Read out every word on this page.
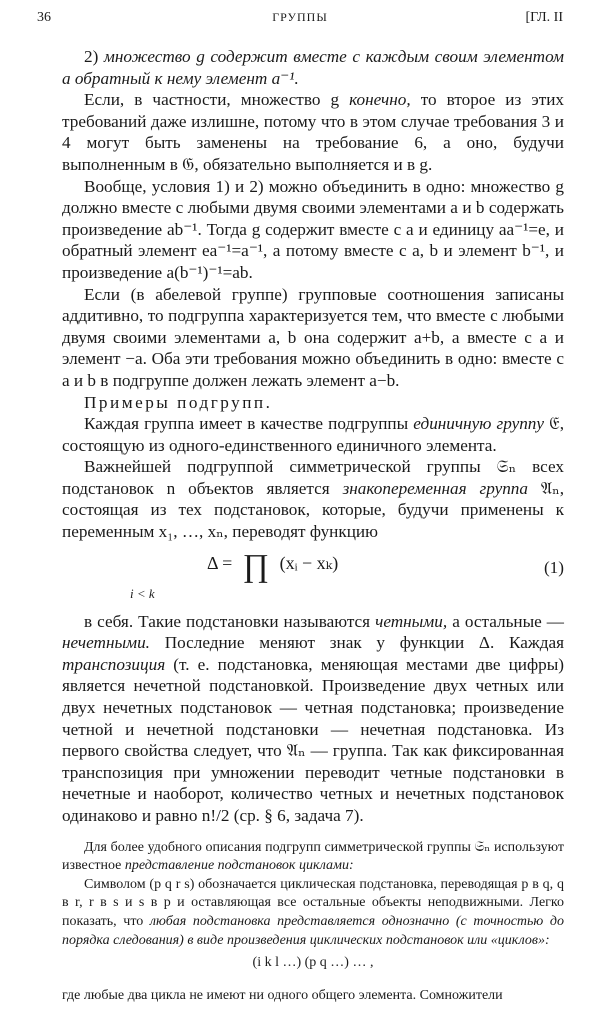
36	ГРУППЫ	[ГЛ. II

2) множество g содержит вместе с каждым своим элементом a обратный к нему элемент a⁻¹.

Если, в частности, множество g конечно, то второе из этих требований даже излишне, потому что в этом случае требования 3 и 4 могут быть заменены на требование 6, а оно, будучи выполненным в 𝔊, обязательно выполняется и в g.

Вообще, условия 1) и 2) можно объединить в одно: множество g должно вместе с любыми двумя своими элементами a и b содержать произведение ab⁻¹. Тогда g содержит вместе с a и единицу aa⁻¹=e, и обратный элемент ea⁻¹=a⁻¹, а потому вместе с a, b и элемент b⁻¹, и произведение a(b⁻¹)⁻¹=ab.

Если (в абелевой группе) групповые соотношения записаны аддитивно, то подгруппа характеризуется тем, что вместе с любыми двумя своими элементами a, b она содержит a+b, а вместе с a и элемент −a. Оба эти требования можно объединить в одно: вместе с a и b в подгруппе должен лежать элемент a−b.

Примеры подгрупп.

Каждая группа имеет в качестве подгруппы единичную группу 𝔈, состоящую из одного-единственного единичного элемента.

Важнейшей подгруппой симметрической группы 𝔖ₙ всех подстановок n объектов является знакопеременная группа 𝔄ₙ, состоящая из тех подстановок, которые, будучи применены к переменным x₁, …, xₙ, переводят функцию

Δ = ∏ (xᵢ − xₖ)
i < k
(1)

в себя. Такие подстановки называются четными, а остальные — нечетными. Последние меняют знак у функции Δ. Каждая транспозиция (т. е. подстановка, меняющая местами две цифры) является нечетной подстановкой. Произведение двух четных или двух нечетных подстановок — четная подстановка; произведение четной и нечетной подстановки — нечетная подстановка. Из первого свойства следует, что 𝔄ₙ — группа. Так как фиксированная транспозиция при умножении переводит четные подстановки в нечетные и наоборот, количество четных и нечетных подстановок одинаково и равно n!/2 (ср. § 6, задача 7).

Для более удобного описания подгрупп симметрической группы 𝔖ₙ используют известное представление подстановок циклами:

Символом (p q r s) обозначается циклическая подстановка, переводящая p в q, q в r, r в s и s в p и оставляющая все остальные объекты неподвижными. Легко показать, что любая подстановка представляется однозначно (с точностью до порядка следования) в виде произведения циклических подстановок или «циклов»:

(i k l …) (p q …) … ,

где любые два цикла не имеют ни одного общего элемента. Сомножители
